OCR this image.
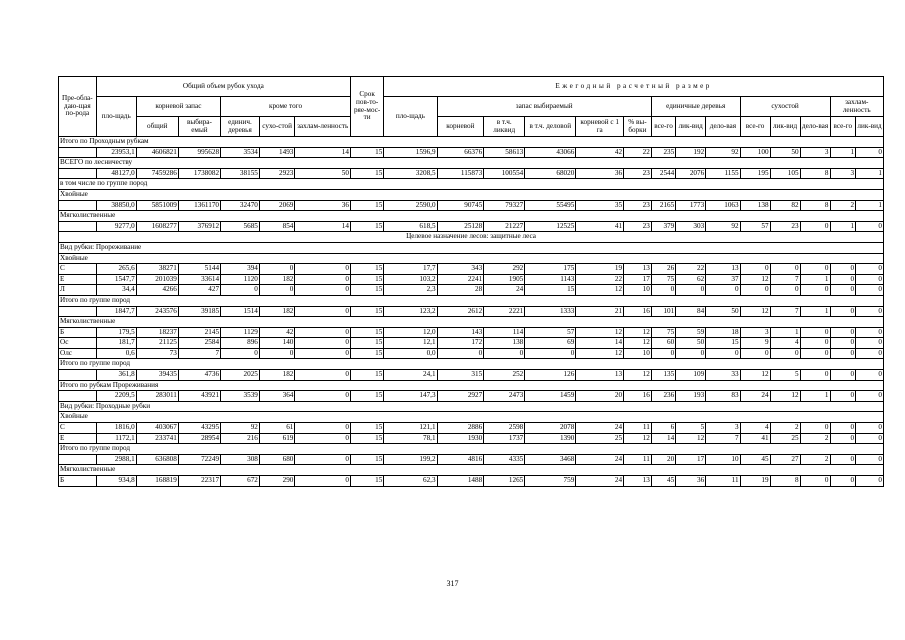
Пре-обла-даю-щая по-рода	Общий объем рубок ухода						Срок пов-то-ряе-мос-ти	Ежегодный расчетный размер													
	пло-щадь	корневой запас		кроме того				пло-щадь	запас выбираемый					единичные деревья			сухостой			захлам-ленность	
		общий	выбира-емый	единич. деревья	сухо-стой	захлам-ленность			корневой	в т.ч. ликвид	в т.ч. деловой	корневой с 1 га	% вы-борки	все-го	лик-вид	дело-вая	все-го	лик-вид	дело-вая	все-го	лик-вид
Итого по Проходным рубкам																					
	23953,1	4606821	995628	3534	1493	14	15	1596,9	66376	58613	43066	42	22	235	192	92	100	50	3	1	0
ВСЕГО по лесничеству																					
	48127,0	7459286	1738082	38155	2923	50	15	3208,5	115873	100554	68020	36	23	2544	2076	1155	195	105	8	3	1
в том числе по группе пород																					
Хвойные																					
	38850,0	5851009	1361170	32470	2069	36	15	2590,0	90745	79327	55495	35	23	2165	1773	1063	138	82	8	2	1
Мягколиственные																					
	9277,0	1608277	376912	5685	854	14	15	618,5	25128	21227	12525	41	23	379	303	92	57	23	0	1	0
Целевое назначение лесов: защитные леса																					
Вид рубки: Прореживание																					
Хвойные																					
С	265,6	38271	5144	394	0	0	15	17,7	343	292	175	19	13	26	22	13	0	0	0	0	0
Е	1547,7	201039	33614	1120	182	0	15	103,2	2241	1905	1143	22	17	75	62	37	12	7	1	0	0
Л	34,4	4266	427	0	0	0	15	2,3	28	24	15	12	10	0	0	0	0	0	0	0	0
Итого по группе пород																					
	1847,7	243576	39185	1514	182	0	15	123,2	2612	2221	1333	21	16	101	84	50	12	7	1	0	0
Мягколиственные																					
Б	179,5	18237	2145	1129	42	0	15	12,0	143	114	57	12	12	75	59	18	3	1	0	0	0
Ос	181,7	21125	2584	896	140	0	15	12,1	172	138	69	14	12	60	50	15	9	4	0	0	0
Олс	0,6	73	7	0	0	0	15	0,0	0	0	0	12	10	0	0	0	0	0	0	0	0
Итого по группе пород																					
	361,8	39435	4736	2025	182	0	15	24,1	315	252	126	13	12	135	109	33	12	5	0	0	0
Итого по рубкам Прореживания																					
	2209,5	283011	43921	3539	364	0	15	147,3	2927	2473	1459	20	16	236	193	83	24	12	1	0	0
Вид рубки: Проходные рубки																					
Хвойные																					
С	1816,0	403067	43295	92	61	0	15	121,1	2886	2598	2078	24	11	6	5	3	4	2	0	0	0
Е	1172,1	233741	28954	216	619	0	15	78,1	1930	1737	1390	25	12	14	12	7	41	25	2	0	0
Итого по группе пород																					
	2988,1	636808	72249	308	680	0	15	199,2	4816	4335	3468	24	11	20	17	10	45	27	2	0	0
Мягколиственные																					
Б	934,8	168819	22317	672	290	0	15	62,3	1488	1265	759	24	13	45	36	11	19	8	0	0	0
317
